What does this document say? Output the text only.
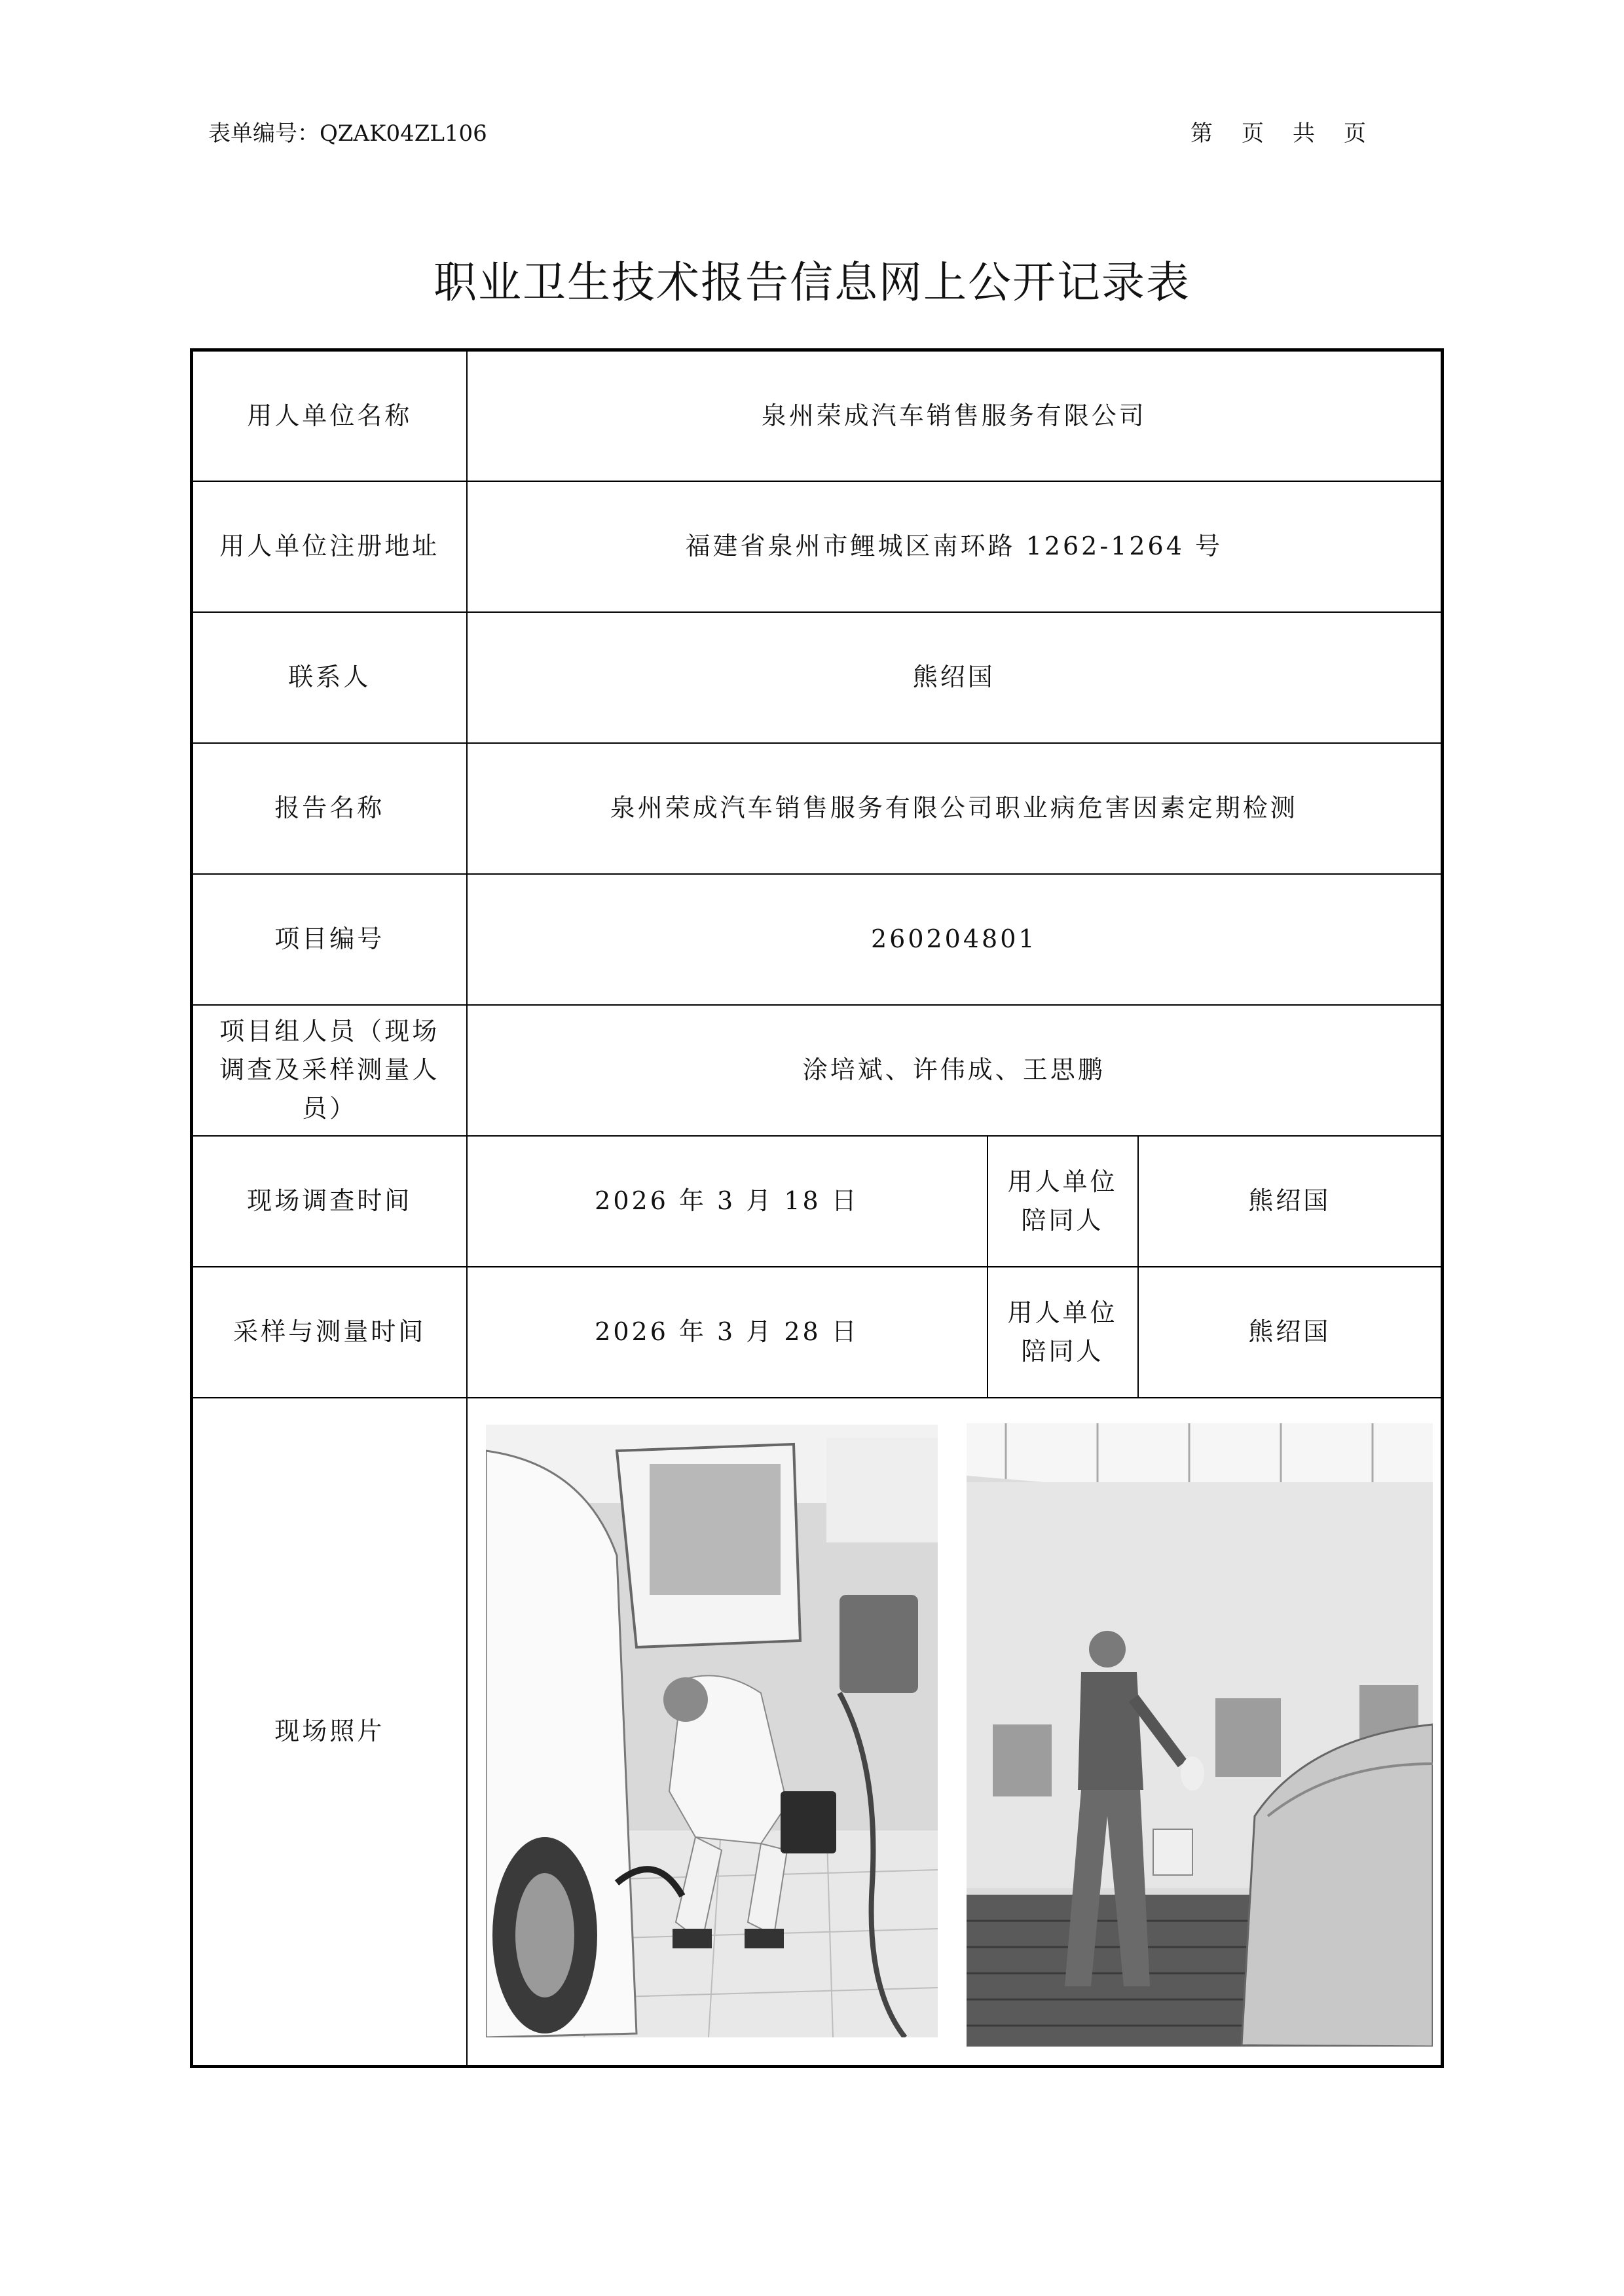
表单编号：QZAK04ZL106	第 页 共 页
职业卫生技术报告信息网上公开记录表
用人单位名称	泉州荣成汽车销售服务有限公司		
用人单位注册地址	福建省泉州市鲤城区南环路 1262-1264 号		
联系人	熊绍国		
报告名称	泉州荣成汽车销售服务有限公司职业病危害因素定期检测		
项目编号	260204801		
项目组人员（现场调查及采样测量人员）	涂培斌、许伟成、王思鹏		
现场调查时间	2026 年 3 月 18 日	用人单位陪同人	熊绍国
采样与测量时间	2026 年 3 月 28 日	用人单位陪同人	熊绍国
现场照片	
